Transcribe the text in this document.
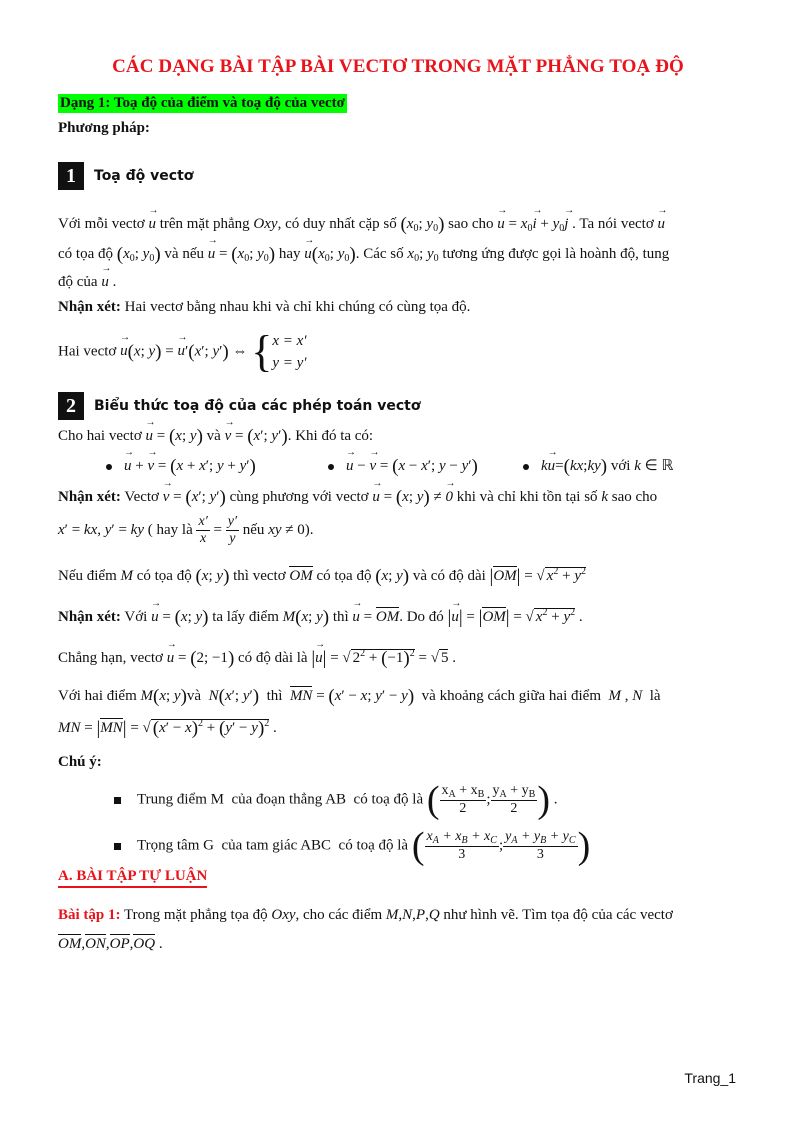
CÁC DẠNG BÀI TẬP BÀI VECTƠ TRONG MẶT PHẲNG TOẠ ĐỘ
Dạng 1: Toạ độ của điểm và toạ độ của vectơ
Phương pháp:
1 Toạ độ vectơ
Với mỗi vectơ → u trên mặt phẳng Oxy, có duy nhất cặp số ($x_0$; $y_0$) sao cho → $u = x_0\to i + y_0\to j$ . Ta nói vectơ → u
có tọa độ ($x_0$; $y_0$) và nếu → $u = (x_0$; $y_0$) hay → $u(x_0$; $y_0$). Các số $x_0$; $y_0$ tương ứng được gọi là hoành độ, tung
độ của → u .
Nhận xét: Hai vectơ bằng nhau khi và chỉ khi chúng có cùng tọa độ.
Hai vectơ → u(x; y) = → u′(x′; y′) ⇔ { x = x′
y = y′
2 Biểu thức toạ độ của các phép toán vectơ
Cho hai vectơ → u = (x; y) và → v = (x′; y′). Khi đó ta có:
→ u + → v = (x + x′; y + y′)	→ u − → v = (x − x′; y − y′)	k→ u=(kx;ky) với k ∈ ℝ
Nhận xét: Vectơ → v = (x′; y′) cùng phương với vectơ → u = (x; y) ≠ → 0 khi và chỉ khi tồn tại số k sao cho
x′ = kx, y′ = ky ( hay là $\frac{x'}{x} = \frac{y'}{y}$ nếu xy ≠ 0).
Nếu điểm M có tọa độ (x; y) thì vectơ OM có tọa độ (x; y) và có độ dài |OM| = √ $x^2 + y^2$
Nhận xét: Với → u = (x; y) ta lấy điểm M(x; y) thì → u = OM. Do đó |→ u| = |OM| = √ $x^2 + y^2$ .
Chẳng hạn, vectơ → u = (2; −1) có độ dài là |→ u| = √ $2^2 + (-1)^2$ = √ 5 .
Với hai điểm M(x; y)và N(x′; y′) thì MN = (x′ − x; y′ − y) và khoảng cách giữa hai điểm M , N là
MN = |MN| = √ $(x' - x)^2 + (y' - y)^2$ .
Chú ý:
Trung điểm M  của đoạn thẳng AB  có toạ độ là ( $\frac{x_A + x_B}{2}$ ; $\frac{y_A + y_B}{2}$ ) .
Trọng tâm G  của tam giác ABC  có toạ độ là ( $\frac{x_A + x_B + x_C}{3}$ ; $\frac{y_A + y_B + y_C}{3}$ )
A. BÀI TẬP TỰ LUẬN
Bài tập 1: Trong mặt phẳng tọa độ Oxy, cho các điểm M,N,P,Q như hình vẽ. Tìm tọa độ của các vectơ
OM,ON,OP,OQ .
Trang_1
